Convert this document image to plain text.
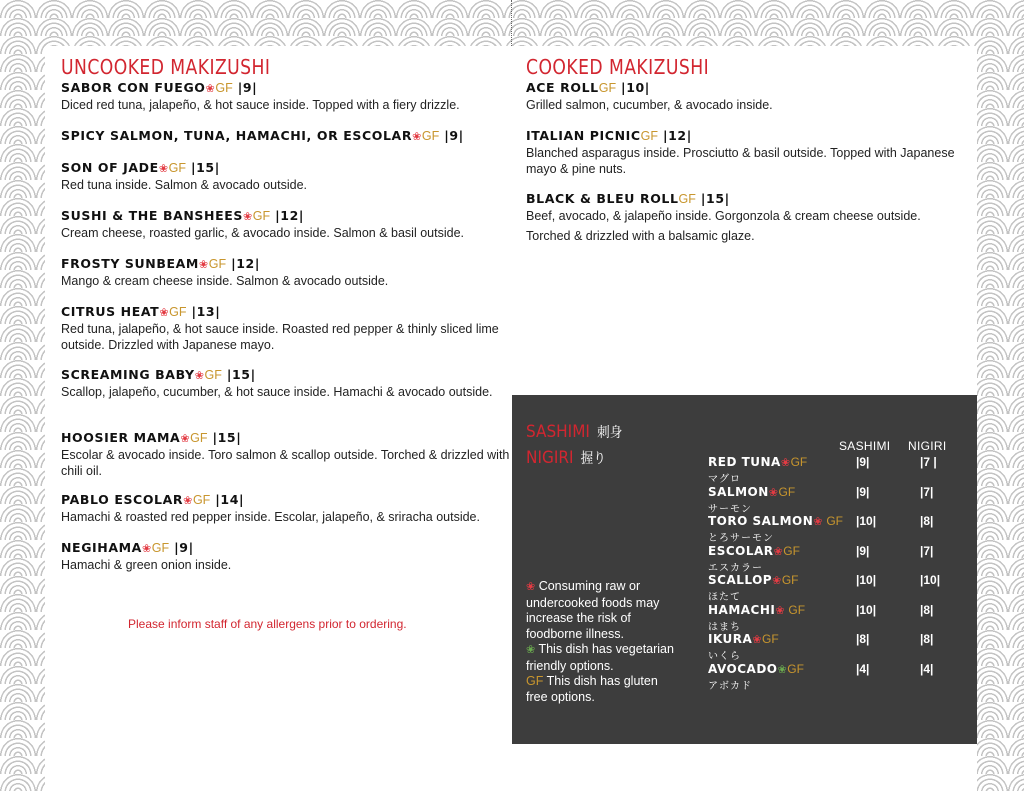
UNCOOKED MAKIZUSHI
SABOR CON FUEGO❀GF |9|
Diced red tuna, jalapeño, & hot sauce inside. Topped with a fiery drizzle.
SPICY SALMON, TUNA, HAMACHI, OR ESCOLAR❀GF |9|
SON OF JADE❀GF |15|
Red tuna inside. Salmon & avocado outside.
SUSHI & THE BANSHEES❀GF |12|
Cream cheese, roasted garlic, & avocado inside. Salmon & basil outside.
FROSTY SUNBEAM❀GF |12|
Mango & cream cheese inside. Salmon & avocado outside.
CITRUS HEAT❀GF |13|
Red tuna, jalapeño, & hot sauce inside. Roasted red pepper & thinly sliced lime outside. Drizzled with Japanese mayo.
SCREAMING BABY❀GF |15|
Scallop, jalapeño, cucumber, & hot sauce inside. Hamachi & avocado outside.
HOOSIER MAMA❀GF |15|
Escolar & avocado inside. Toro salmon & scallop outside. Torched & drizzled with chili oil.
PABLO ESCOLAR❀GF |14|
Hamachi & roasted red pepper inside. Escolar, jalapeño, & sriracha outside.
NEGIHAMA❀GF |9|
Hamachi & green onion inside.
Please inform staff of any allergens prior to ordering.
COOKED MAKIZUSHI
ACE ROLLGF |10|
Grilled salmon, cucumber, & avocado inside.
ITALIAN PICNICGF |12|
Blanched asparagus inside. Prosciutto & basil outside. Topped with Japanese mayo & pine nuts.
BLACK & BLEU ROLLGF |15|
Beef, avocado, & jalapeño inside. Gorgonzola & cream cheese outside.
Torched & drizzled with a balsamic glaze.
SASHIMI 刺身
NIGIRI 握り
SASHIMI NIGIRI
RED TUNA❀GF
マグロ
|9|	|7 |
SALMON❀GF
サーモン
|9|	|7|
TORO SALMON❀ GF
とろサーモン
|10|	|8|
ESCOLAR❀GF
エスカラー
|9|	|7|
SCALLOP❀GF
ほたて
|10|	|10|
HAMACHI❀ GF
はまち
|10|	|8|
IKURA❀GF
いくら
|8|	|8|
AVOCADO❀GF
アボカド
|4|	|4|
❀ Consuming raw or undercooked foods may increase the risk of foodborne illness.
❀ This dish has vegetarian friendly options.
GF This dish has gluten free options.
